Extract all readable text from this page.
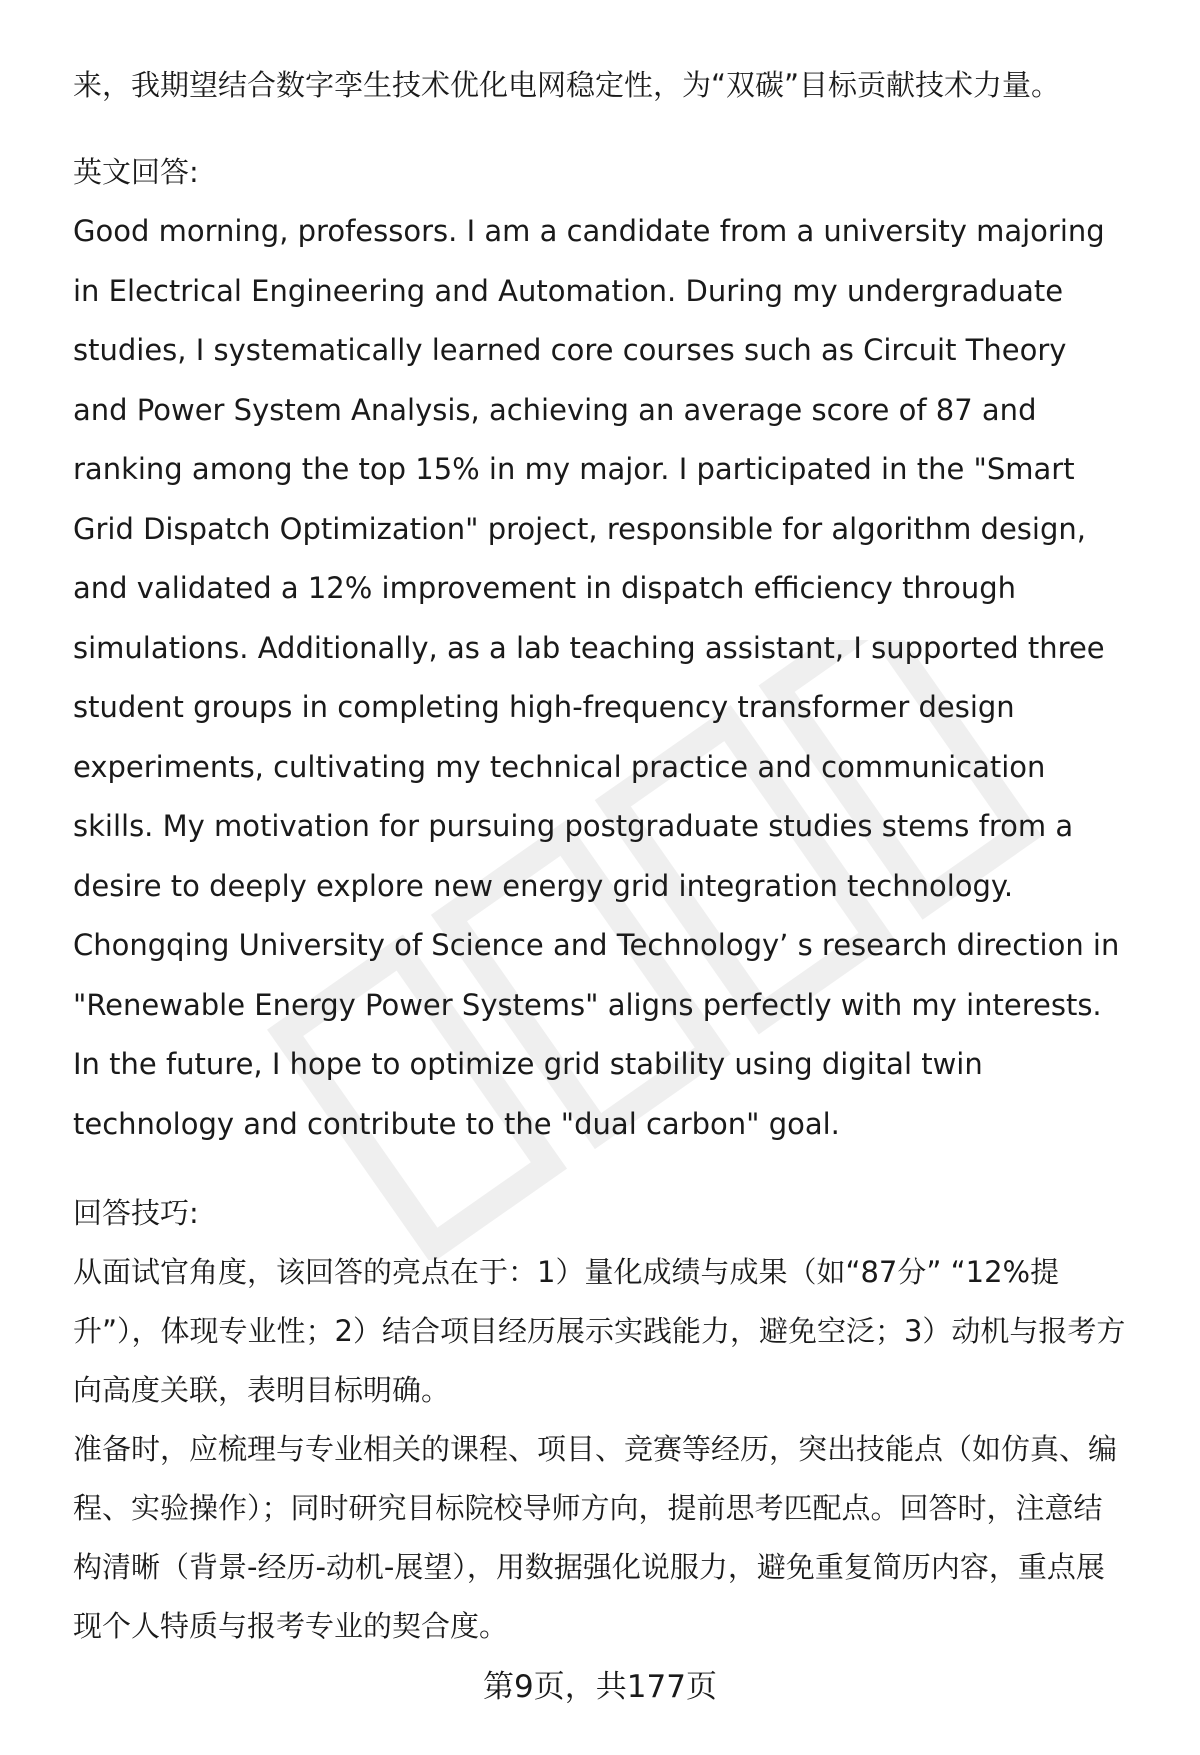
来，我期望结合数字孪生技术优化电网稳定性，为“双碳”目标贡献技术力量。

英文回答:

Good morning, professors. I am a candidate from a university majoring in Electrical Engineering and Automation. During my undergraduate studies, I systematically learned core courses such as Circuit Theory and Power System Analysis, achieving an average score of 87 and ranking among the top 15% in my major. I participated in the "Smart Grid Dispatch Optimization" project, responsible for algorithm design, and validated a 12% improvement in dispatch efficiency through simulations. Additionally, as a lab teaching assistant, I supported three student groups in completing high-frequency transformer design experiments, cultivating my technical practice and communication skills. My motivation for pursuing postgraduate studies stems from a desire to deeply explore new energy grid integration technology. Chongqing University of Science and Technology’ s research direction in "Renewable Energy Power Systems" aligns perfectly with my interests. In the future, I hope to optimize grid stability using digital twin technology and contribute to the "dual carbon" goal.

回答技巧:

从面试官角度，该回答的亮点在于：1）量化成绩与成果（如“87分” “12%提升”），体现专业性；2）结合项目经历展示实践能力，避免空泛；3）动机与报考方向高度关联，表明目标明确。

准备时，应梳理与专业相关的课程、项目、竞赛等经历，突出技能点（如仿真、编程、实验操作）；同时研究目标院校导师方向，提前思考匹配点。回答时，注意结构清晰（背景-经历-动机-展望），用数据强化说服力，避免重复简历内容，重点展现个人特质与报考专业的契合度。

第9页，共177页
